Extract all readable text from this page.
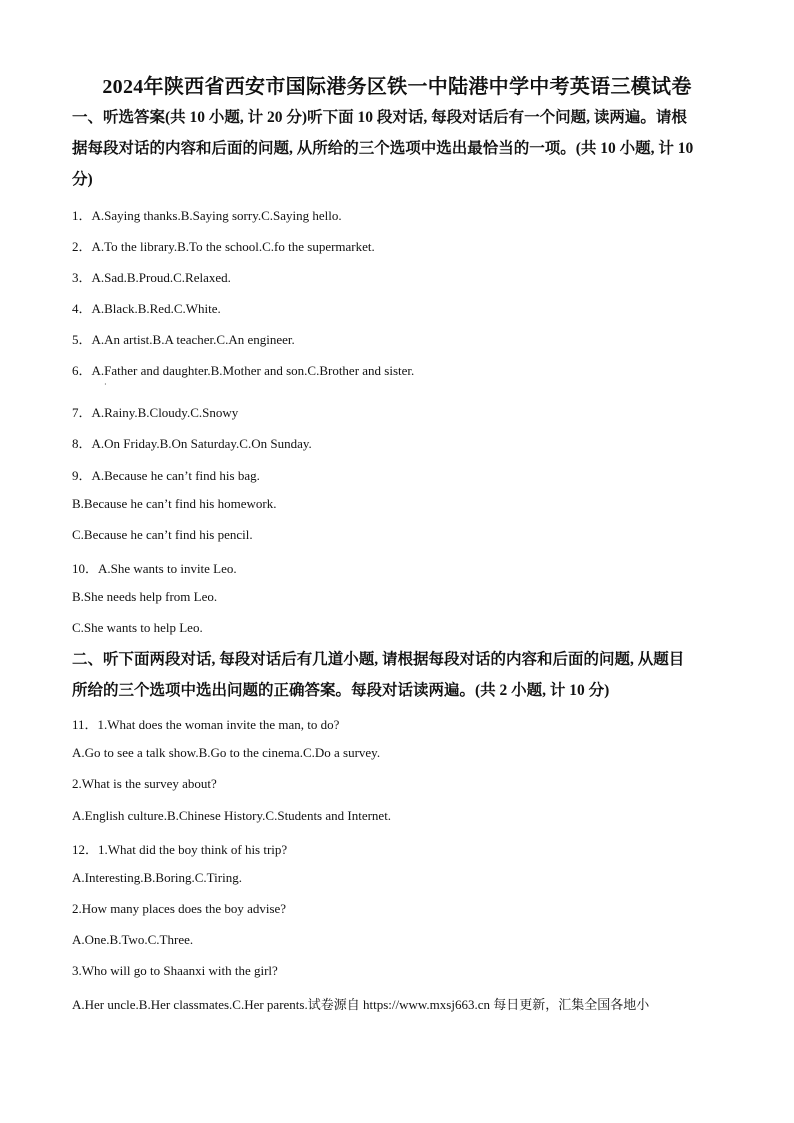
2024年陕西省西安市国际港务区铁一中陆港中学中考英语三模试卷
一、听选答案(共 10 小题, 计 20 分)听下面 10 段对话, 每段对话后有一个问题, 读两遍。请根
据每段对话的内容和后面的问题, 从所给的三个选项中选出最恰当的一项。(共 10 小题, 计 10
分)
1．A.Saying thanks.B.Saying sorry.C.Saying hello.
2．A.To the library.B.To the school.C.fo the supermarket.
3．A.Sad.B.Proud.C.Relaxed.
4．A.Black.B.Red.C.White.
5．A.An artist.B.A teacher.C.An engineer.
6．A.Father and daughter.B.Mother and son.C.Brother and sister.
·
7．A.Rainy.B.Cloudy.C.Snowy
8．A.On Friday.B.On Saturday.C.On Sunday.
9．A.Because he can’t find his bag.
B.Because he can’t find his homework.
C.Because he can’t find his pencil.
10．A.She wants to invite Leo.
B.She needs help from Leo.
C.She wants to help Leo.
二、听下面两段对话, 每段对话后有几道小题, 请根据每段对话的内容和后面的问题, 从题目
所给的三个选项中选出问题的正确答案。每段对话读两遍。(共 2 小题, 计 10 分)
11．1.What does the woman invite the man, to do?
A.Go to see a talk show.B.Go to the cinema.C.Do a survey.
2.What is the survey about?
A.English culture.B.Chinese History.C.Students and Internet.
12．1.What did the boy think of his trip?
A.Interesting.B.Boring.C.Tiring.
2.How many places does the boy advise?
A.One.B.Two.C.Three.
3.Who will go to Shaanxi with the girl?
A.Her uncle.B.Her classmates.C.Her parents.试卷源自 https://www.mxsj663.cn 每日更新，汇集全国各地小
